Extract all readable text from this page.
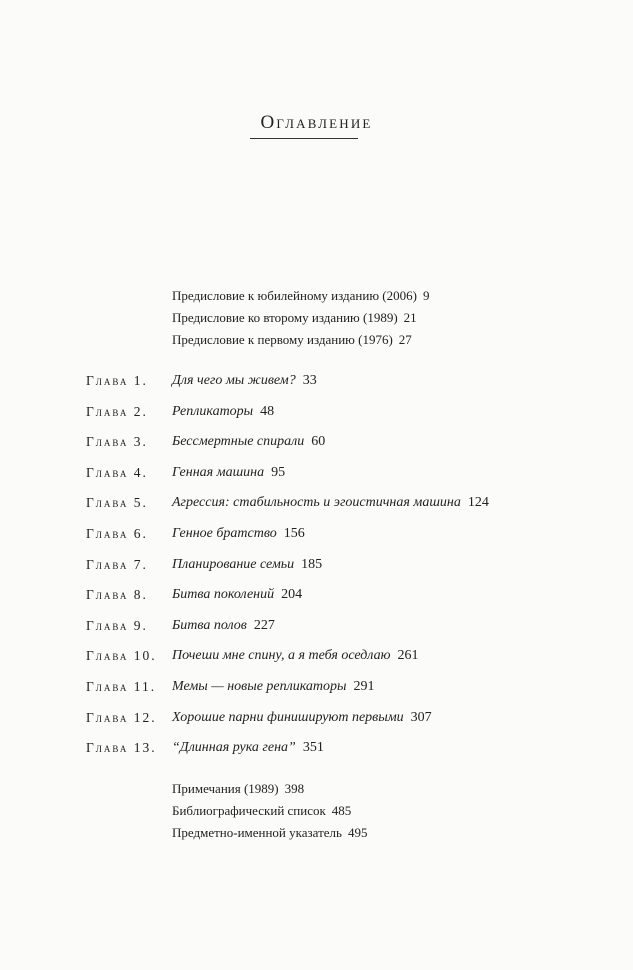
Оглавление
Предисловие к юбилейному изданию (2006) 9
Предисловие ко второму изданию (1989) 21
Предисловие к первому изданию (1976) 27
Глава 1. Для чего мы живем? 33
Глава 2. Репликаторы 48
Глава 3. Бессмертные спирали 60
Глава 4. Генная машина 95
Глава 5. Агрессия: стабильность и эгоистичная машина 124
Глава 6. Генное братство 156
Глава 7. Планирование семьи 185
Глава 8. Битва поколений 204
Глава 9. Битва полов 227
Глава 10. Почеши мне спину, а я тебя оседлаю 261
Глава 11. Мемы — новые репликаторы 291
Глава 12. Хорошие парни финишируют первыми 307
Глава 13. “Длинная рука гена” 351
Примечания (1989) 398
Библиографический список 485
Предметно-именной указатель 495
